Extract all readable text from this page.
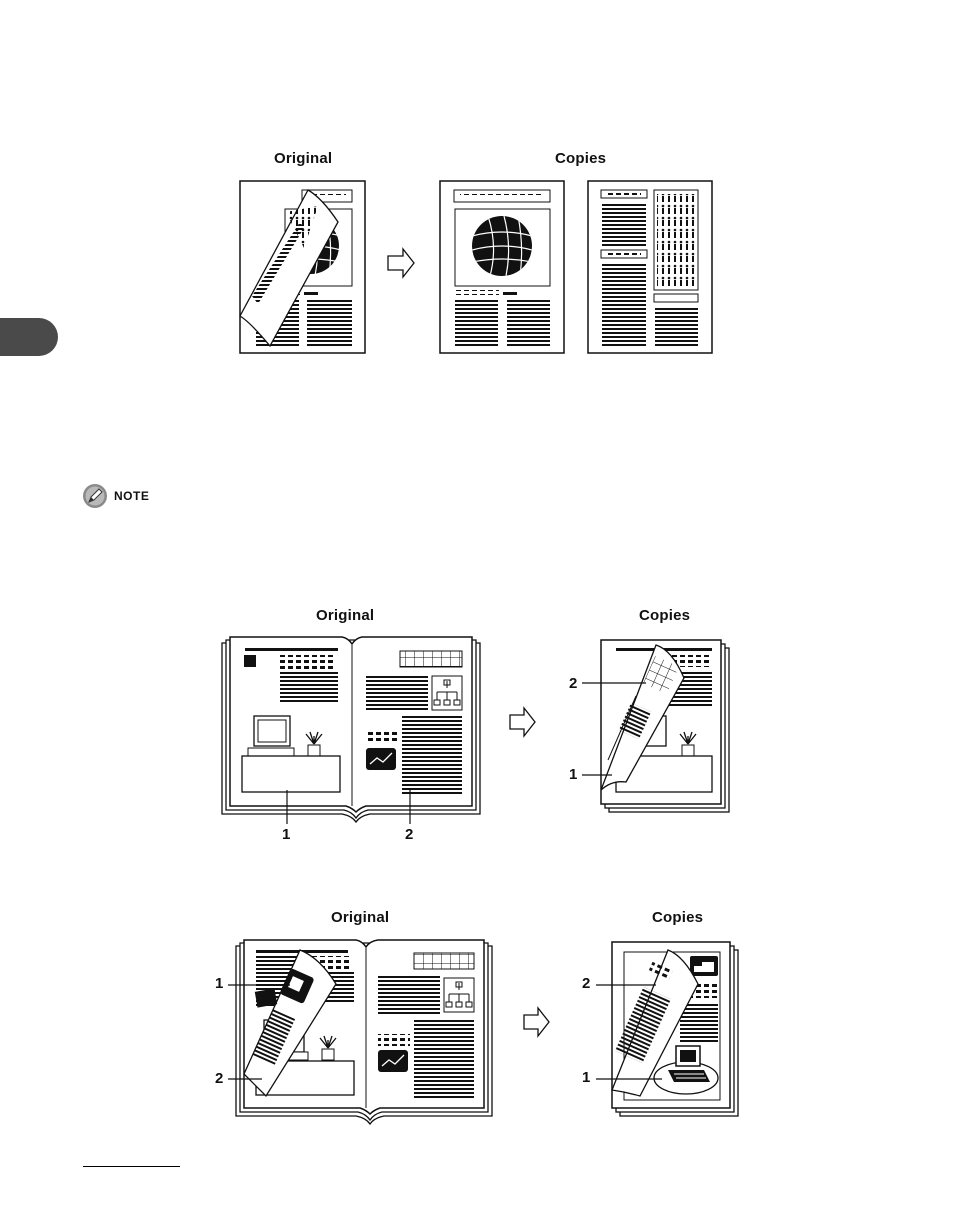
Original	Copies
NOTE
Original	Copies
1	2
2
1
Original	Copies
1
2
2
1
